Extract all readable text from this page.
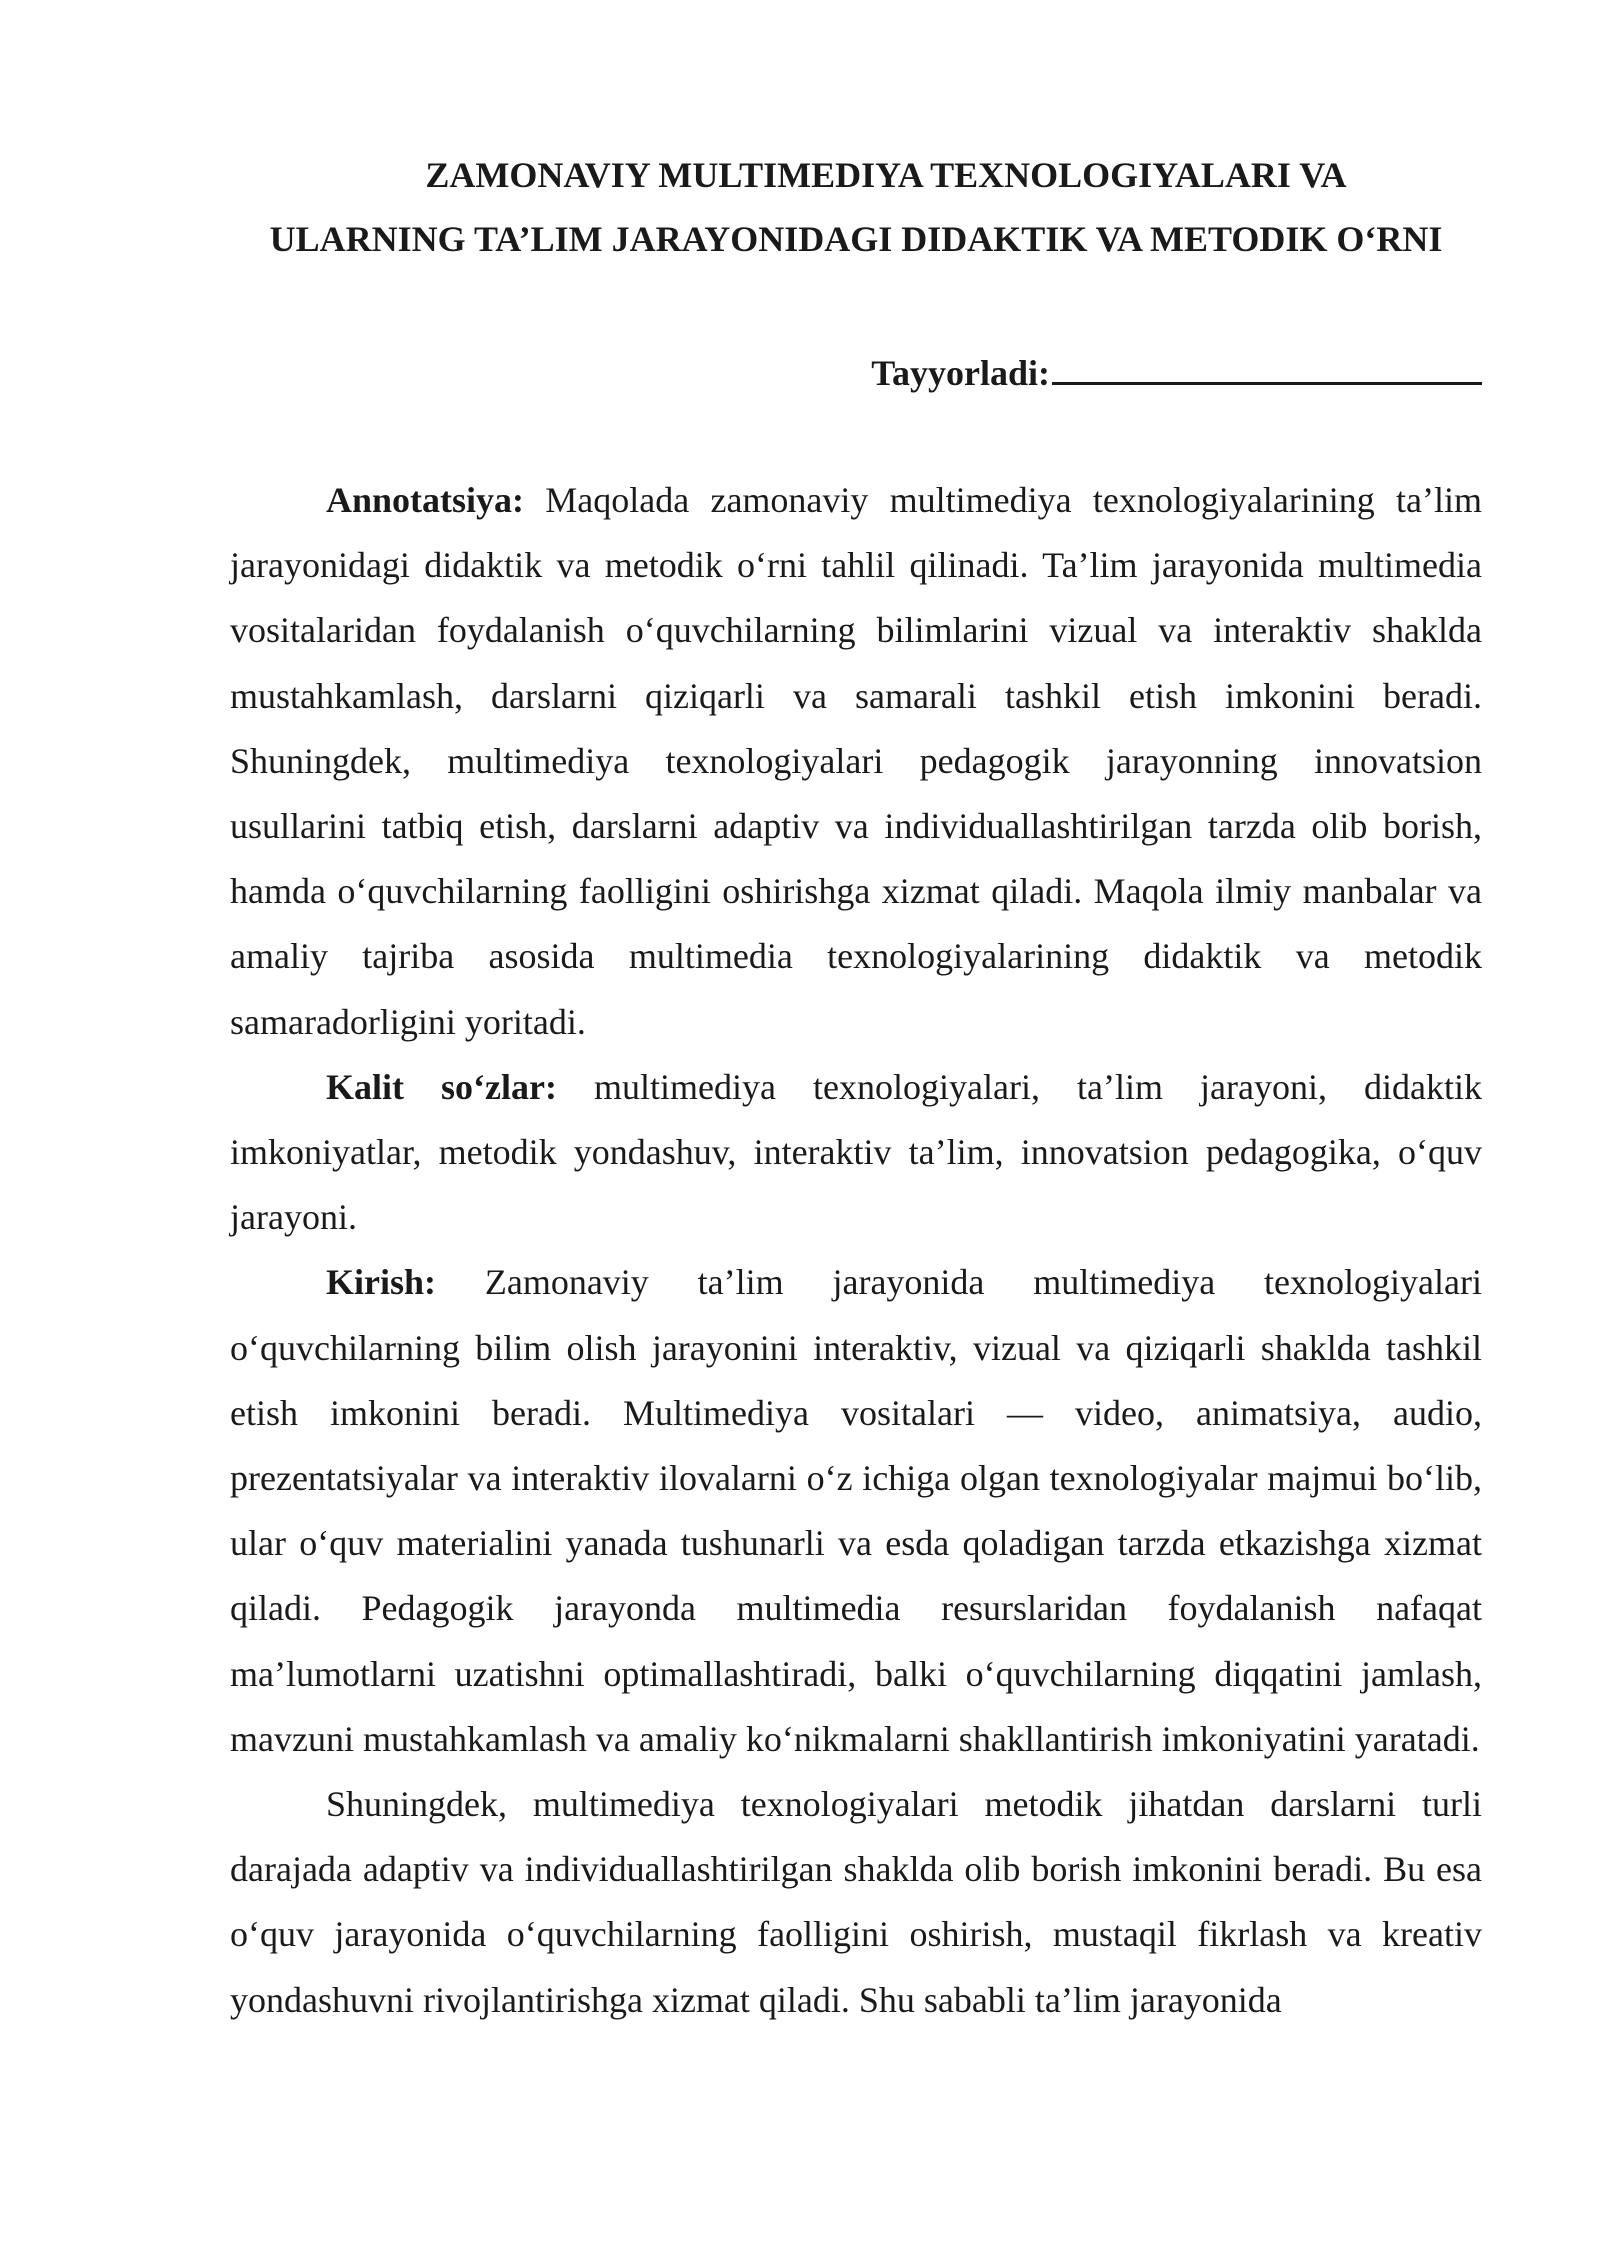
ZAMONAVIY MULTIMEDIYA TEXNOLOGIYALARI VA
ULARNING TA’LIM JARAYONIDAGI DIDAKTIK VA METODIK O‘RNI
Tayyorladi:

Annotatsiya: Maqolada zamonaviy multimediya texnologiyalarining ta’lim jarayonidagi didaktik va metodik o‘rni tahlil qilinadi. Ta’lim jarayonida multimedia vositalaridan foydalanish o‘quvchilarning bilimlarini vizual va interaktiv shaklda mustahkamlash, darslarni qiziqarli va samarali tashkil etish imkonini beradi. Shuningdek, multimediya texnologiyalari pedagogik jarayonning innovatsion usullarini tatbiq etish, darslarni adaptiv va individuallashtirilgan tarzda olib borish, hamda o‘quvchilarning faolligini oshirishga xizmat qiladi. Maqola ilmiy manbalar va amaliy tajriba asosida multimedia texnologiyalarining didaktik va metodik samaradorligini yoritadi.

Kalit so‘zlar: multimediya texnologiyalari, ta’lim jarayoni, didaktik imkoniyatlar, metodik yondashuv, interaktiv ta’lim, innovatsion pedagogika, o‘quv jarayoni.

Kirish: Zamonaviy ta’lim jarayonida multimediya texnologiyalari o‘quvchilarning bilim olish jarayonini interaktiv, vizual va qiziqarli shaklda tashkil etish imkonini beradi. Multimediya vositalari — video, animatsiya, audio, prezentatsiyalar va interaktiv ilovalarni o‘z ichiga olgan texnologiyalar majmui bo‘lib, ular o‘quv materialini yanada tushunarli va esda qoladigan tarzda etkazishga xizmat qiladi. Pedagogik jarayonda multimedia resurslaridan foydalanish nafaqat ma’lumotlarni uzatishni optimallashtiradi, balki o‘quvchilarning diqqatini jamlash, mavzuni mustahkamlash va amaliy ko‘nikmalarni shakllantirish imkoniyatini yaratadi.

Shuningdek, multimediya texnologiyalari metodik jihatdan darslarni turli darajada adaptiv va individuallashtirilgan shaklda olib borish imkonini beradi. Bu esa o‘quv jarayonida o‘quvchilarning faolligini oshirish, mustaqil fikrlash va kreativ yondashuvni rivojlantirishga xizmat qiladi. Shu sababli ta’lim jarayonida
